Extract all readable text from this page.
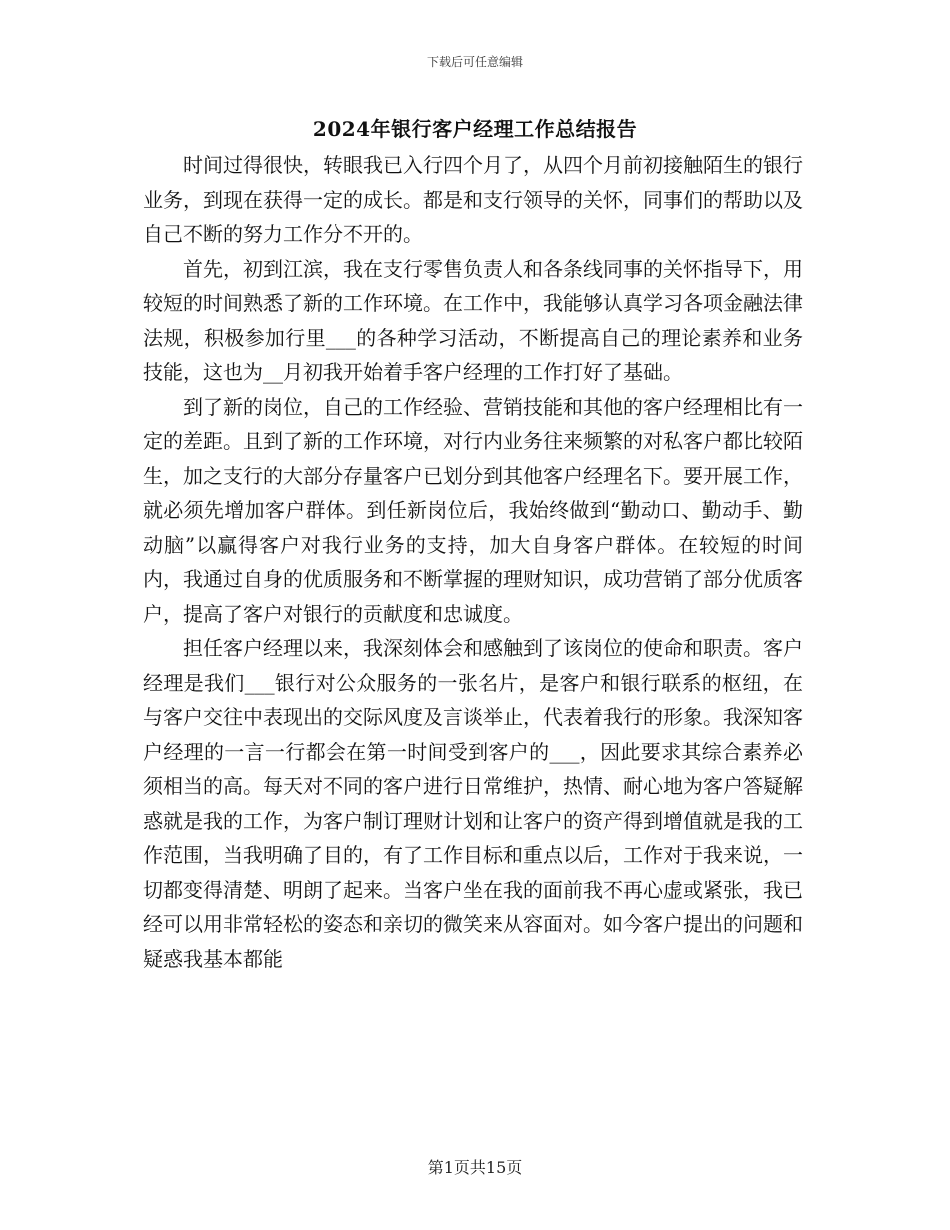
下载后可任意编辑
2024年银行客户经理工作总结报告

时间过得很快，转眼我已入行四个月了，从四个月前初接触陌生的银行业务，到现在获得一定的成长。都是和支行领导的关怀，同事们的帮助以及自己不断的努力工作分不开的。

首先，初到江滨，我在支行零售负责人和各条线同事的关怀指导下，用较短的时间熟悉了新的工作环境。在工作中，我能够认真学习各项金融法律法规，积极参加行里___的各种学习活动，不断提高自己的理论素养和业务技能，这也为__月初我开始着手客户经理的工作打好了基础。

到了新的岗位，自己的工作经验、营销技能和其他的客户经理相比有一定的差距。且到了新的工作环境，对行内业务往来频繁的对私客户都比较陌生，加之支行的大部分存量客户已划分到其他客户经理名下。要开展工作，就必须先增加客户群体。到任新岗位后，我始终做到“勤动口、勤动手、勤动脑”以赢得客户对我行业务的支持，加大自身客户群体。在较短的时间内，我通过自身的优质服务和不断掌握的理财知识，成功营销了部分优质客户，提高了客户对银行的贡献度和忠诚度。

担任客户经理以来，我深刻体会和感触到了该岗位的使命和职责。客户经理是我们___银行对公众服务的一张名片，是客户和银行联系的枢纽，在与客户交往中表现出的交际风度及言谈举止，代表着我行的形象。我深知客户经理的一言一行都会在第一时间受到客户的___，因此要求其综合素养必须相当的高。每天对不同的客户进行日常维护，热情、耐心地为客户答疑解惑就是我的工作，为客户制订理财计划和让客户的资产得到增值就是我的工作范围，当我明确了目的，有了工作目标和重点以后，工作对于我来说，一切都变得清楚、明朗了起来。当客户坐在我的面前我不再心虚或紧张，我已经可以用非常轻松的姿态和亲切的微笑来从容面对。如今客户提出的问题和疑惑我基本都能

第1页共15页
